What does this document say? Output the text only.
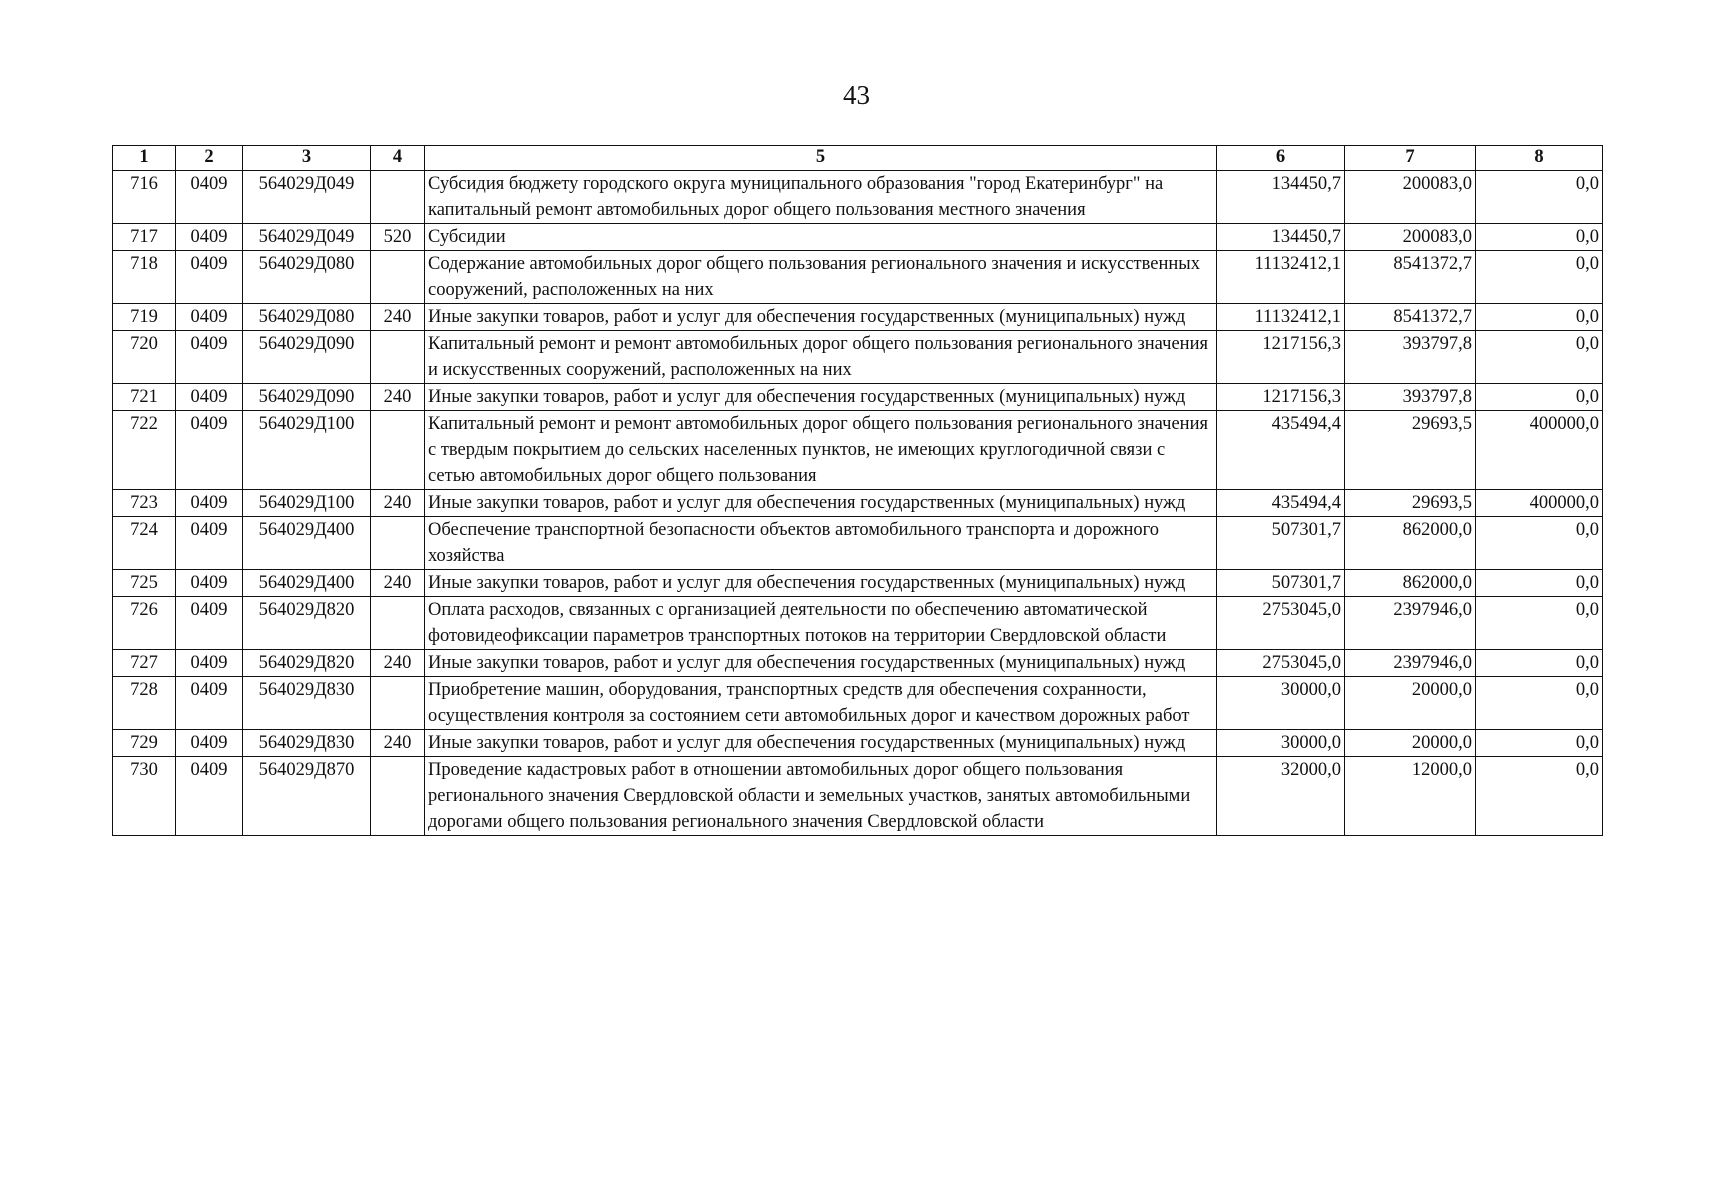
43
1	2	3	4	5	6	7	8
716	0409	564029Д049		Субсидия бюджету городского округа муниципального образования "город Екатеринбург" на капитальный ремонт автомобильных дорог общего пользования местного значения	134450,7	200083,0	0,0
717	0409	564029Д049	520	Субсидии	134450,7	200083,0	0,0
718	0409	564029Д080		Содержание автомобильных дорог общего пользования регионального значения и искусственных сооружений, расположенных на них	11132412,1	8541372,7	0,0
719	0409	564029Д080	240	Иные закупки товаров, работ и услуг для обеспечения государственных (муниципальных) нужд	11132412,1	8541372,7	0,0
720	0409	564029Д090		Капитальный ремонт и ремонт автомобильных дорог общего пользования регионального значения и искусственных сооружений, расположенных на них	1217156,3	393797,8	0,0
721	0409	564029Д090	240	Иные закупки товаров, работ и услуг для обеспечения государственных (муниципальных) нужд	1217156,3	393797,8	0,0
722	0409	564029Д100		Капитальный ремонт и ремонт автомобильных дорог общего пользования регионального значения с твердым покрытием до сельских населенных пунктов, не имеющих круглогодичной связи с сетью автомобильных дорог общего пользования	435494,4	29693,5	400000,0
723	0409	564029Д100	240	Иные закупки товаров, работ и услуг для обеспечения государственных (муниципальных) нужд	435494,4	29693,5	400000,0
724	0409	564029Д400		Обеспечение транспортной безопасности объектов автомобильного транспорта и дорожного хозяйства	507301,7	862000,0	0,0
725	0409	564029Д400	240	Иные закупки товаров, работ и услуг для обеспечения государственных (муниципальных) нужд	507301,7	862000,0	0,0
726	0409	564029Д820		Оплата расходов, связанных с организацией деятельности по обеспечению автоматической фотовидеофиксации параметров транспортных потоков на территории Свердловской области	2753045,0	2397946,0	0,0
727	0409	564029Д820	240	Иные закупки товаров, работ и услуг для обеспечения государственных (муниципальных) нужд	2753045,0	2397946,0	0,0
728	0409	564029Д830		Приобретение машин, оборудования, транспортных средств для обеспечения сохранности, осуществления контроля за состоянием сети автомобильных дорог и качеством дорожных работ	30000,0	20000,0	0,0
729	0409	564029Д830	240	Иные закупки товаров, работ и услуг для обеспечения государственных (муниципальных) нужд	30000,0	20000,0	0,0
730	0409	564029Д870		Проведение кадастровых работ в отношении автомобильных дорог общего пользования регионального значения Свердловской области и земельных участков, занятых автомобильными дорогами общего пользования регионального значения Свердловской области	32000,0	12000,0	0,0
